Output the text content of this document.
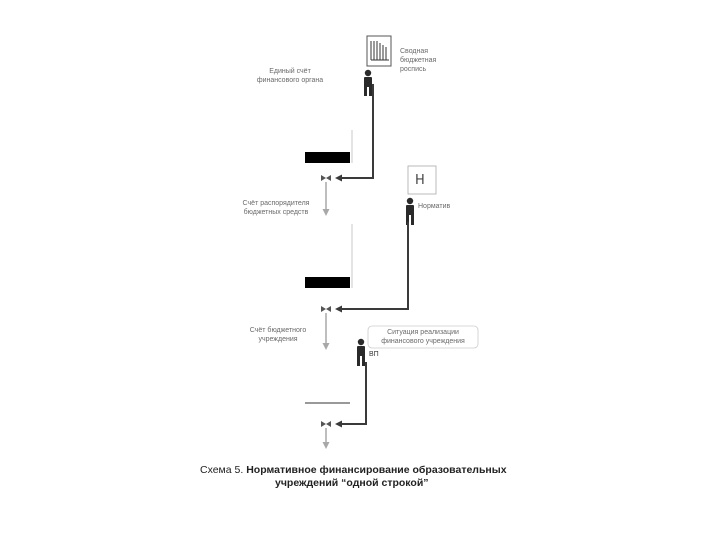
Единый счёт
финансового органа
Сводная
бюджетная
роспись
Счёт распорядителя
бюджетных средств
Н
Норматив
Счёт бюджетного
учреждения
Ситуация реализации
финансового учреждения
ВП
Схема 5. Нормативное финансирование образовательных
учреждений “одной строкой”
